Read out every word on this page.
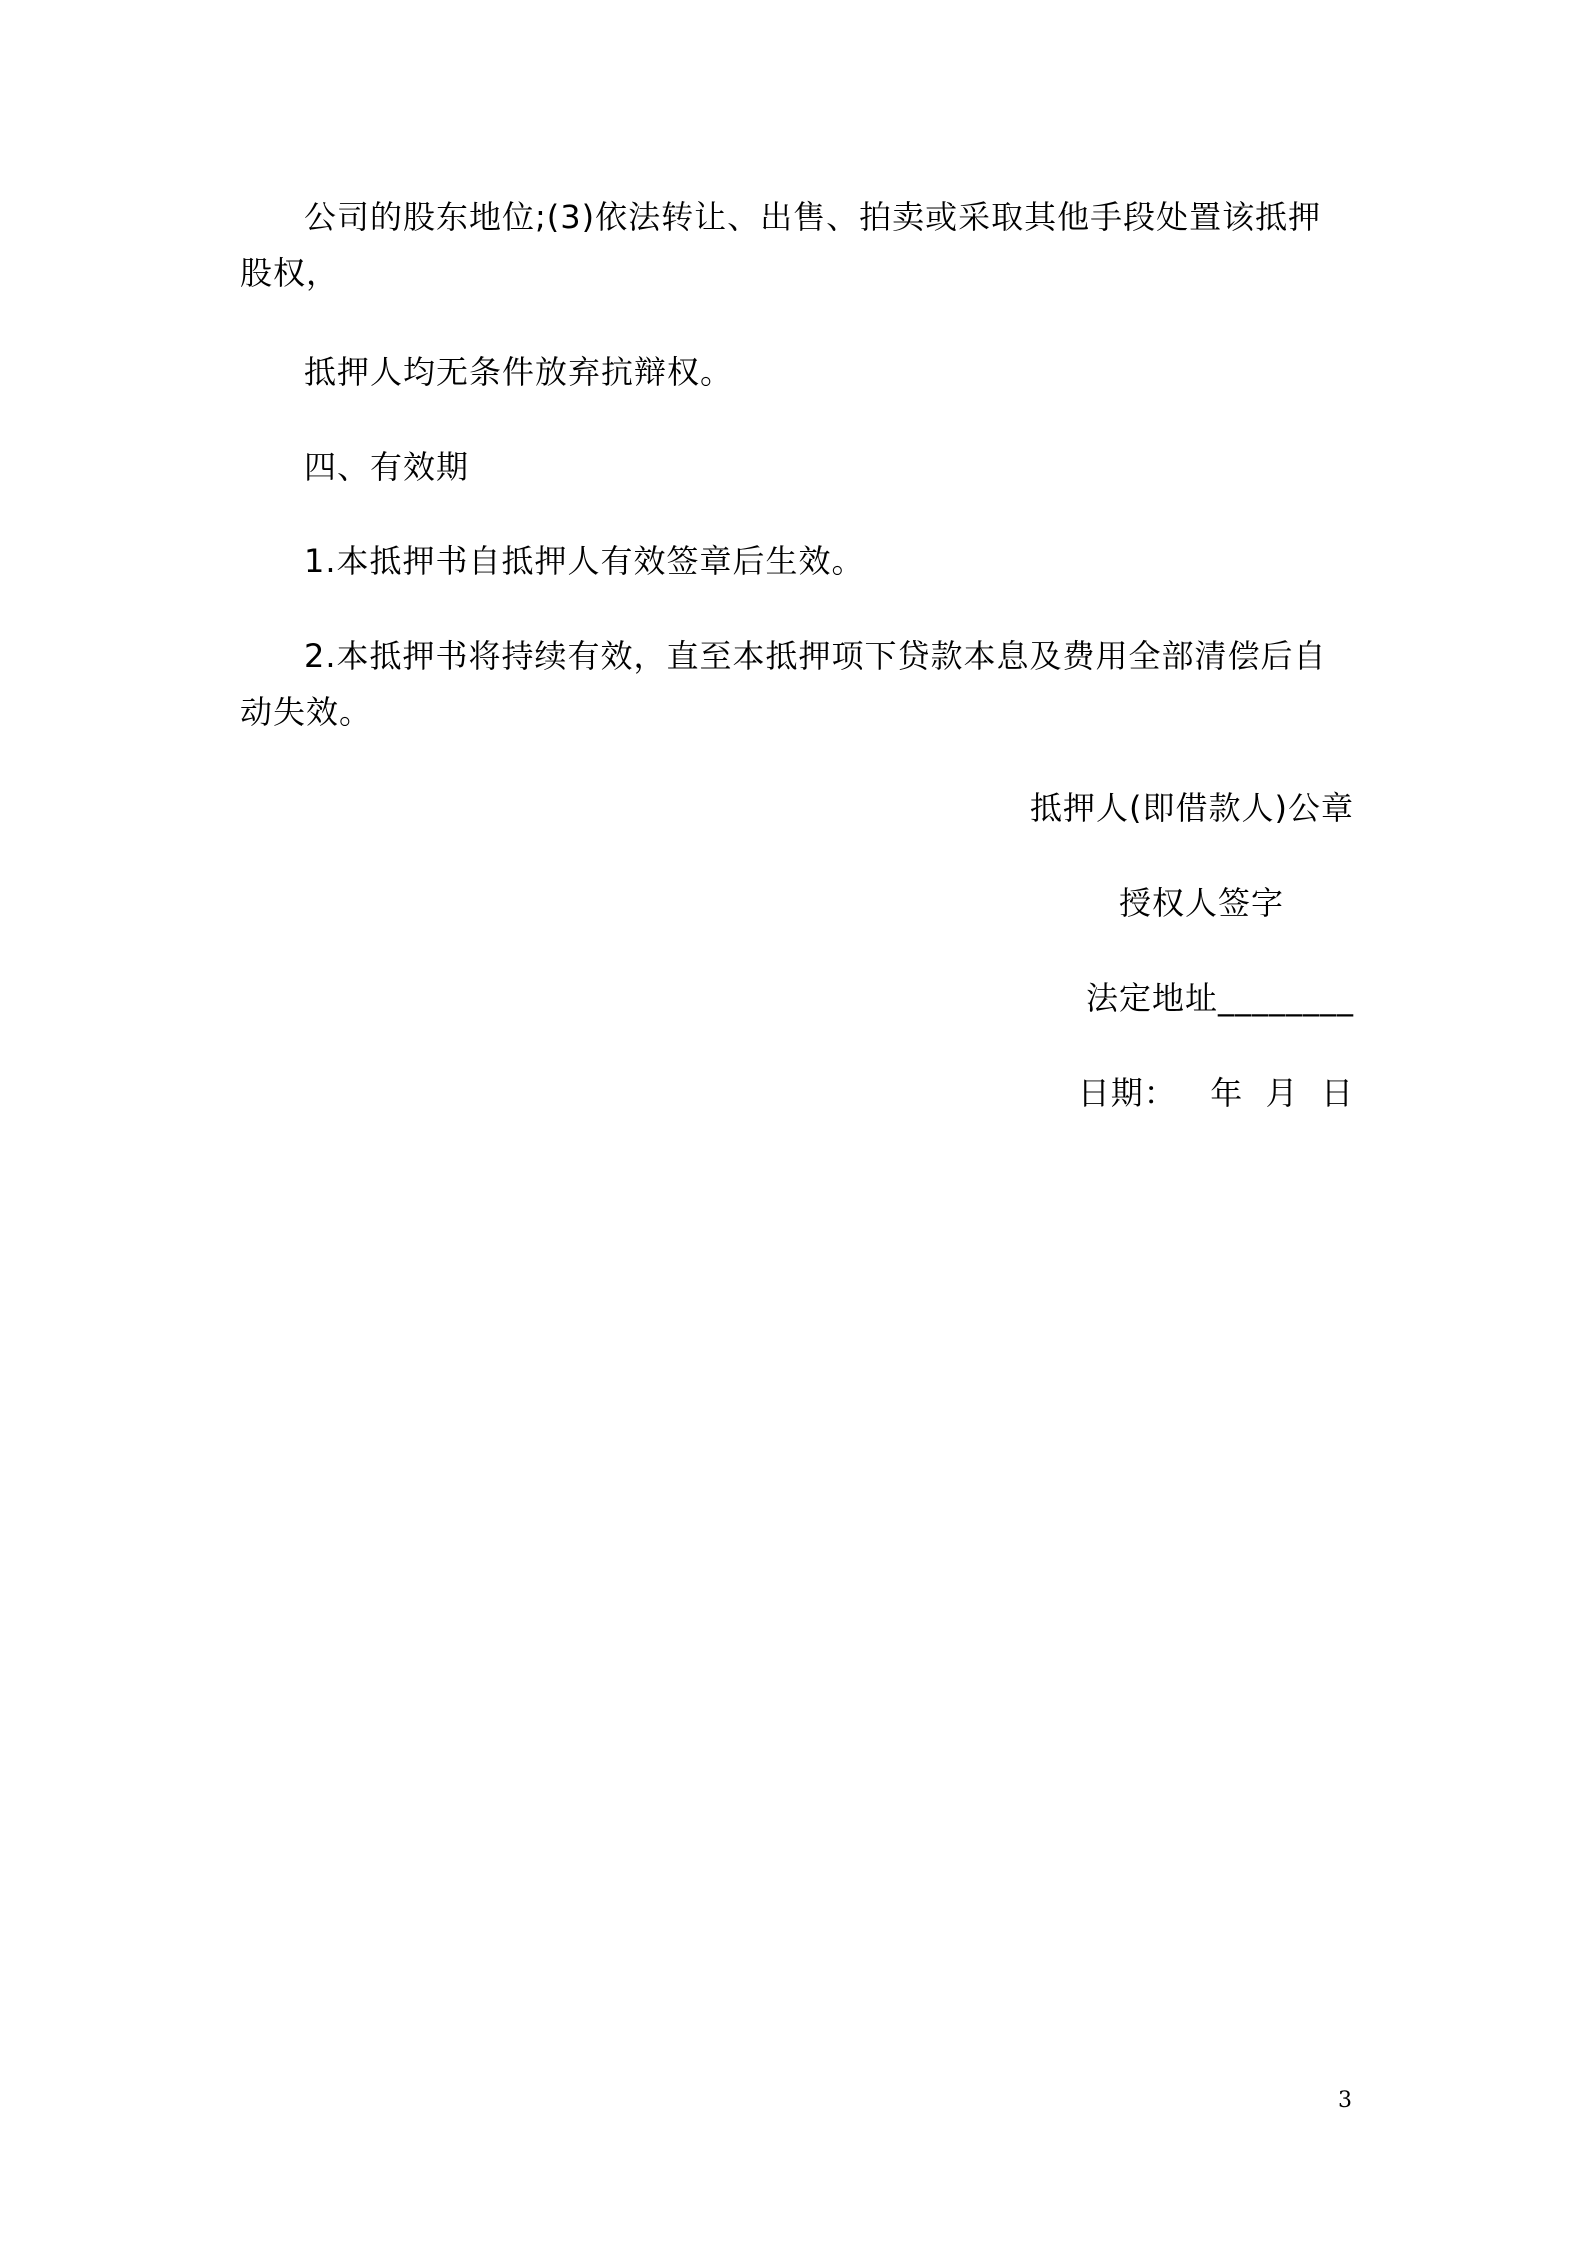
公司的股东地位;(3)依法转让、出售、拍卖或采取其他手段处置该抵押股权，

抵押人均无条件放弃抗辩权。

四、有效期

1.本抵押书自抵押人有效签章后生效。

2.本抵押书将持续有效，直至本抵押项下贷款本息及费用全部清偿后自动失效。

抵押人(即借款人)公章

授权人签字

法定地址________

日期：   年  月  日

3
